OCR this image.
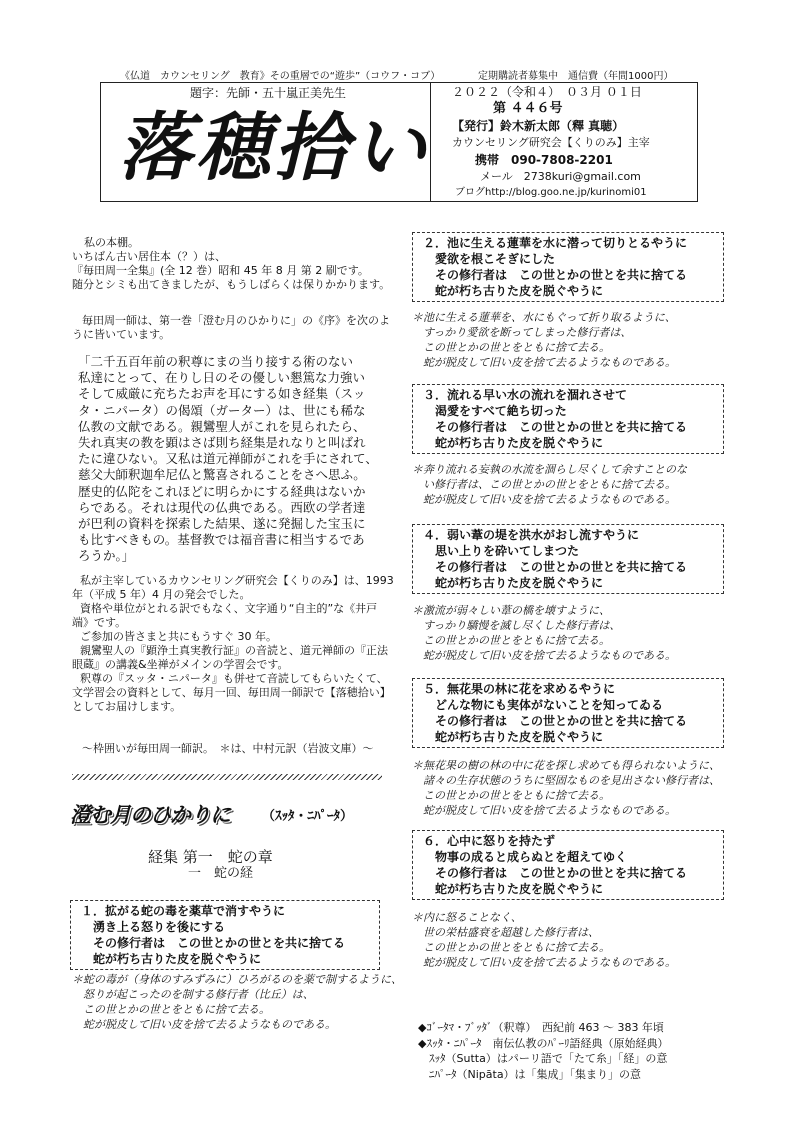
《仏道　カウンセリング　教育》その重層での“遊歩”（コウフ・コブ）	定期購読者募集中　通信費（年間1000円）
題字：先師・五十嵐正美先生
落穂拾い
２０２２（令和４）　０３月 ０１日
第 ４４６号
【発行】鈴木新太郎（釋 真聴）
カウンセリング研究会【くりのみ】主宰
携帯　090-7808-2201
メール　2738kuri@gmail.com
ブログhttp://blog.goo.ne.jp/kurinomi01
私の本棚。
いちばん古い居住本（？）は、
『毎田周一全集』(全 12 巻）昭和 45 年 8 月 第 2 刷です。
随分とシミも出てきましたが、もうしばらくは保りかかります。
毎田周一師は、第一巻「澄む月のひかりに」の《序》を次のよ
うに皆いています。
「二千五百年前の釈尊にまの当り接する術のない
私達にとって、在りし日のその優しい懇篤な力強い
そして威厳に充ちたお声を耳にする如き経集（スッ
タ・ニパータ）の偈頌（ガーター）は、世にも稀な
仏教の文献である。親鸞聖人がこれを見られたら、
失れ真実の教を顕はさば則ち経集是れなりと叫ばれ
たに違ひない。又私は道元禅師がこれを手にされて、
慈父大師釈迦牟尼仏と驚喜されることをさへ思ふ。
歴史的仏陀をこれほどに明らかにする経典はないか
らである。それは現代の仏典である。西欧の学者達
が巴利の資料を探索した結果、遂に発掘した宝玉に
も比すべきもの。基督教では福音書に相当するであ
ろうか。」
私が主宰しているカウンセリング研究会【くりのみ】は、1993
年（平成 5 年）4 月の発会でした。
資格や単位がとれる訳でもなく、文字通り“自主的”な《井戸
端》です。
ご参加の皆さまと共にもうすぐ 30 年。
親鸞聖人の『顕浄土真実教行証』の音読と、道元禅師の『正法
眼蔵』の講義&坐禅がメインの学習会です。
釈尊の『スッタ・ニパータ』も併せて音読してもらいたくて、
文学習会の資料として、毎月一回、毎田周一師訳で【落穂拾い】
としてお届けします。
〜枠囲いが毎田周一師訳。　＊は、中村元訳（岩波文庫）〜
澄む月のひかりに （ｽｯﾀ・ﾆﾊﾟｰﾀ）
経集 第一　蛇の章
一　蛇の経
１．拡がる蛇の毒を薬草で消すやうに
　湧き上る怒りを後にする
　その修行者は　この世とかの世とを共に捨てる
　蛇が朽ち古りた皮を脱ぐやうに
＊蛇の毒が（身体のすみずみに）ひろがるのを薬で制するように、
　怒りが起こったのを制する修行者（比丘）は、
　この世とかの世とをともに捨て去る。
　蛇が脱皮して旧い皮を捨て去るようなものである。
２．池に生える蓮華を水に潜って切りとるやうに
　愛欲を根こそぎにした
　その修行者は　この世とかの世とを共に捨てる
　蛇が朽ち古りた皮を脱ぐやうに
＊池に生える蓮華を、水にもぐって折り取るように、
　すっかり愛欲を断ってしまった修行者は、
　この世とかの世とをともに捨て去る。
　蛇が脱皮して旧い皮を捨て去るようなものである。
３．流れる早い水の流れを涸れさせて
　渇愛をすべて絶ち切った
　その修行者は　この世とかの世とを共に捨てる
　蛇が朽ち古りた皮を脱ぐやうに
＊奔り流れる妄執の水流を涸らし尽くして余すことのな
　い修行者は、この世とかの世とをともに捨て去る。
　蛇が脱皮して旧い皮を捨て去るようなものである。
４．弱い葦の堤を洪水がおし流すやうに
　思い上りを砕いてしまつた
　その修行者は　この世とかの世とを共に捨てる
　蛇が朽ち古りた皮を脱ぐやうに
＊激流が弱々しい葦の橋を壊すように、
　すっかり驕慢を滅し尽くした修行者は、
　この世とかの世とをともに捨て去る。
　蛇が脱皮して旧い皮を捨て去るようなものである。
５．無花果の林に花を求めるやうに
　どんな物にも実体がないことを知ってゐる
　その修行者は　この世とかの世とを共に捨てる
　蛇が朽ち古りた皮を脱ぐやうに
＊無花果の樹の林の中に花を探し求めても得られないように、
　諸々の生存状態のうちに堅固なものを見出さない修行者は、
　この世とかの世とをともに捨て去る。
　蛇が脱皮して旧い皮を捨て去るようなものである。
６．心中に怒りを持たず
　物事の成ると成らぬとを超えてゆく
　その修行者は　この世とかの世とを共に捨てる
　蛇が朽ち古りた皮を脱ぐやうに
＊内に怒ることなく、
　世の栄枯盛衰を超越した修行者は、
　この世とかの世とをともに捨て去る。
　蛇が脱皮して旧い皮を捨て去るようなものである。
◆ｺﾞｰﾀﾏ・ﾌﾞｯﾀﾞ（釈尊）　西紀前 463 〜 383 年頃
◆ｽｯﾀ・ﾆﾊﾟｰﾀ　南伝仏教のﾊﾟｰﾘ語経典（原始経典）
　ｽｯﾀ（Sutta）はパーリ語で「たて糸」「経」の意
　ﾆﾊﾟｰﾀ（Nipāta）は「集成」「集まり」の意
